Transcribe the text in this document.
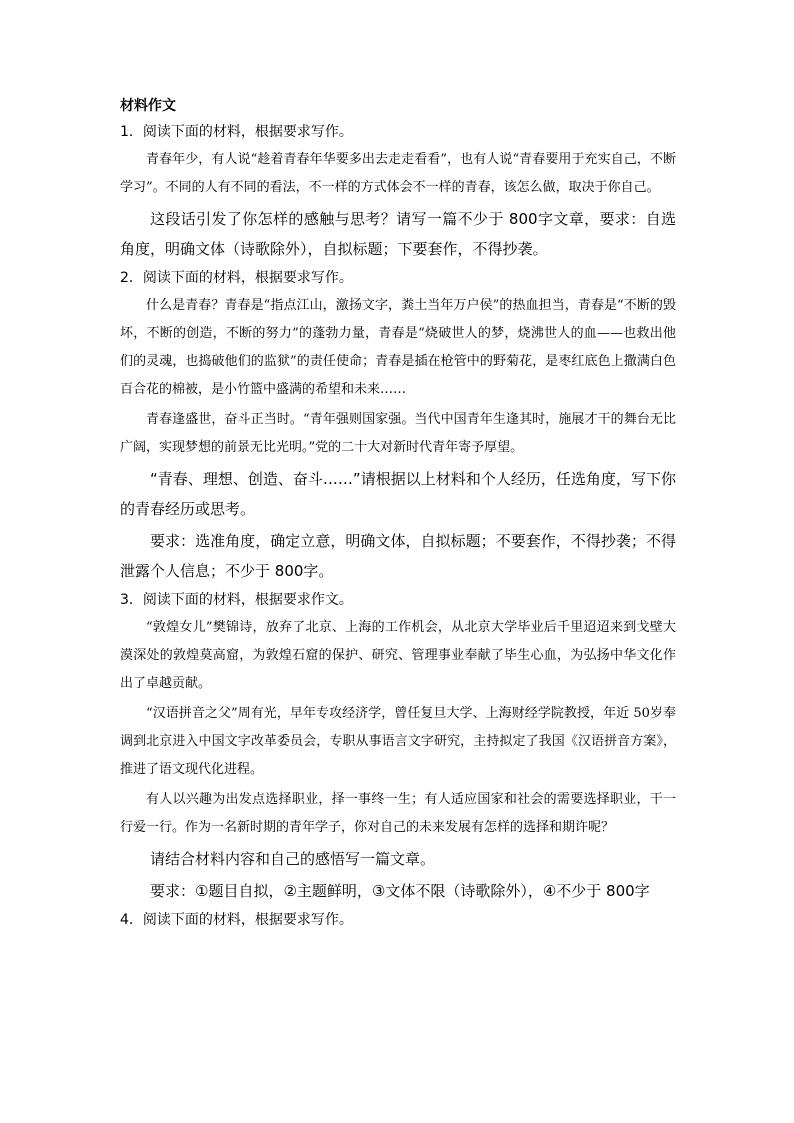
材料作文
1．阅读下面的材料，根据要求写作。

青春年少，有人说“趁着青春年华要多出去走走看看”，也有人说“青春要用于充实自己，不断学习”。不同的人有不同的看法，不一样的方式体会不一样的青春，该怎么做，取决于你自己。

这段话引发了你怎样的感触与思考？请写一篇不少于 800字文章，要求：自选角度，明确文体（诗歌除外），自拟标题；下要套作，不得抄袭。

2．阅读下面的材料，根据要求写作。

什么是青春？青春是“指点江山，激扬文字，粪土当年万户侯”的热血担当，青春是“不断的毁坏，不断的创造，不断的努力”的蓬勃力量，青春是“烧破世人的梦，烧沸世人的血——也救出他们的灵魂，也捣破他们的监狱”的责任使命；青春是插在枪管中的野菊花，是枣红底色上撒满白色百合花的棉被，是小竹篮中盛满的希望和未来……

青春逢盛世，奋斗正当时。“青年强则国家强。当代中国青年生逢其时，施展才干的舞台无比广阔，实现梦想的前景无比光明。”党的二十大对新时代青年寄予厚望。

“青春、理想、创造、奋斗……”请根据以上材料和个人经历，任选角度，写下你的青春经历或思考。

要求：选准角度，确定立意，明确文体，自拟标题；不要套作，不得抄袭；不得泄露个人信息；不少于 800字。

3．阅读下面的材料，根据要求作文。

“敦煌女儿”樊锦诗，放弃了北京、上海的工作机会，从北京大学毕业后千里迢迢来到戈壁大漠深处的敦煌莫高窟，为敦煌石窟的保护、研究、管理事业奉献了毕生心血，为弘扬中华文化作出了卓越贡献。

“汉语拼音之父”周有光，早年专攻经济学，曾任复旦大学、上海财经学院教授，年近 50岁奉调到北京进入中国文字改革委员会，专职从事语言文字研究，主持拟定了我国《汉语拼音方案》，推进了语文现代化进程。

有人以兴趣为出发点选择职业，择一事终一生；有人适应国家和社会的需要选择职业，干一行爱一行。作为一名新时期的青年学子，你对自己的未来发展有怎样的选择和期许呢？

请结合材料内容和自己的感悟写一篇文章。

要求：①题目自拟，②主题鲜明，③文体不限（诗歌除外），④不少于 800字

4．阅读下面的材料，根据要求写作。
